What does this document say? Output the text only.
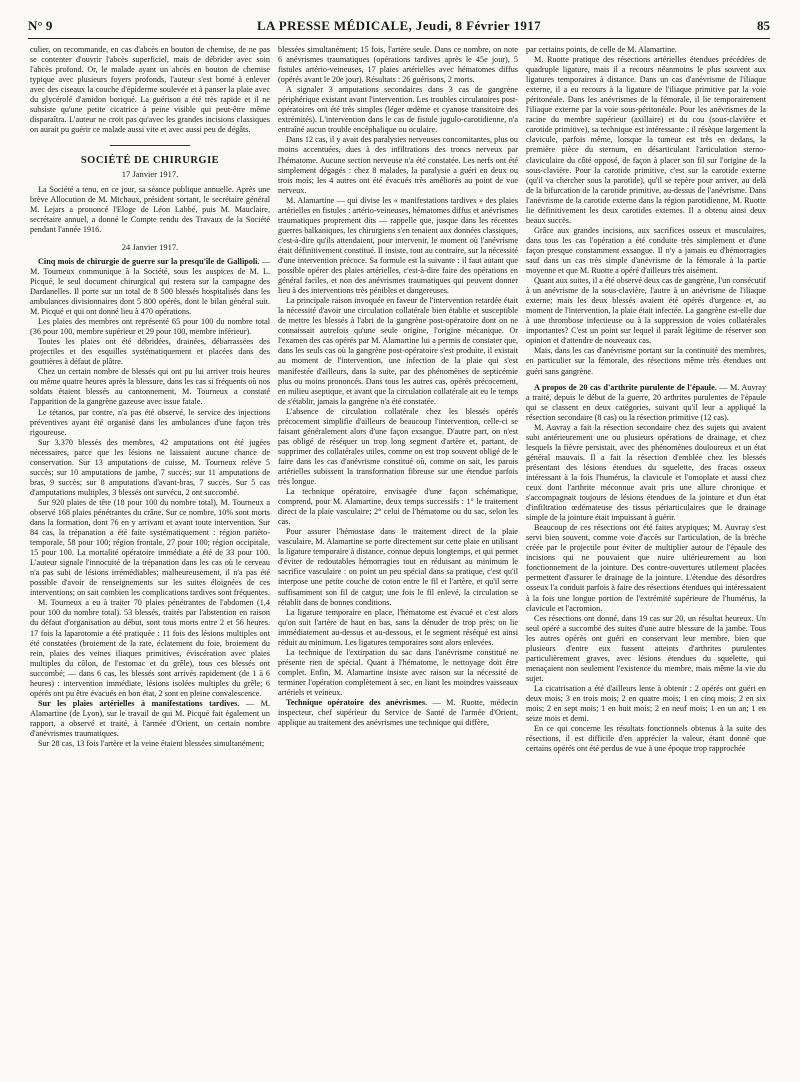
N° 9	LA PRESSE MÉDICALE, Jeudi, 8 Février 1917	85

culier, on recommande, en cas d'abcès en bouton de chemise, de ne pas se contenter d'ouvrir l'abcès superficiel, mais de débrider avec soin l'abcès profond. Or, le malade ayant un abcès en bouton de chemise typique avec plusieurs foyers profonds, l'auteur s'est borné à enlever avec des ciseaux la couche d'épiderme soulevée et à panser la plaie avec du glycérolé d'amidon boriqué. La guérison a été très rapide et il ne subsiste qu'une petite cicatrice à peine visible qui peut-être même disparaîtra. L'auteur ne croit pas qu'avec les grandes incisions classiques on aurait pu guérir ce malade aussi vite et avec aussi peu de dégâts.

SOCIÉTÉ DE CHIRURGIE
17 Janvier 1917.

La Société a tenu, en ce jour, sa séance publique annuelle. Après une brève Allocution de M. Michaux, président sortant, le secrétaire général M. Lejars a prononcé l'Eloge de Léon Labbé, puis M. Mauclaire, secrétaire annuel, a donné le Compte rendu des Travaux de la Société pendant l'année 1916.

24 Janvier 1917.

Cinq mois de chirurgie de guerre sur la presqu'île de Gallipoli. — M. Tourneux communique à la Société, sous les auspices de M. L. Picqué, le seul document chirurgical qui restera sur la campagne des Dardanelles. Il porte sur un total de 8 500 blessés hospitalisés dans les ambulances divisionnaires dont 5 800 opérés, dont le bilan général suit. M. Picqué et qui ont donné lieu à 470 opérations.

Les plaies des membres ont représenté 65 pour 100 du nombre total (36 pour 100, membre supérieur et 29 pour 100, membre inférieur).

Toutes les plaies ont été débridées, drainées, débarrassées des projectiles et des esquilles systématiquement et placées dans des gouttières à défaut de plâtre.

Chez un certain nombre de blessés qui ont pu lui arriver trois heures ou même quatre heures après la blessure, dans les cas si fréquents où nos soldats étaient blessés au cantonnement, M. Tourneux a constaté l'apparition de la gangrène gazeuse avec issue fatale.

Le tétanos, par contre, n'a pas été observé, le service des injections préventives ayant été organisé dans les ambulances d'une façon très rigoureuse.

Sur 3.370 blessés des membres, 42 amputations ont été jugées nécessaires, parce que les lésions ne laissaient aucune chance de conservation. Sur 13 amputations de cuisse, M. Tourneux relève 5 succès; sur 10 amputations de jambe, 7 succès; sur 11 amputations de bras, 9 succès; sur 8 amputations d'avant-bras, 7 succès. Sur 5 cas d'amputations multiples, 3 blessés ont survécu, 2 ont succombé.

Sur 920 plaies de tête (18 pour 100 du nombre total), M. Tourneux a observé 168 plaies pénétrantes du crâne. Sur ce nombre, 10% sont morts dans la formation, dont 76 en y arrivant et avant toute intervention. Sur 84 cas, la trépanation a été faite systématiquement : région pariéto-temporale, 58 pour 100; région frontale, 27 pour 100; région occipitale, 15 pour 100. La mortalité opératoire immédiate a été de 33 pour 100. L'auteur signale l'innocuité de la trépanation dans les cas où le cerveau n'a pas subi de lésions irrémédiables; malheureusement, il n'a pas été possible d'avoir de renseignements sur les suites éloignées de ces interventions; on sait combien les complications tardives sont fréquentes.

M. Tourneux a eu à traiter 70 plaies pénétrantes de l'abdomen (1,4 pour 100 du nombre total). 53 blessés, traités par l'abstention en raison du défaut d'organisation au début, sont tous morts entre 2 et 56 heures. 17 fois la laparotomie a été pratiquée : 11 fois des lésions multiples ont été constatées (broiement de la rate, éclatement du foie, broiement du rein, plaies des veines iliaques primitives, éviscération avec plaies multiples du côlon, de l'estomac et du grêle), tous ces blessés ont succombé; — dans 6 cas, les blessés sont arrivés rapidement (de 1 à 6 heures) : intervention immédiate, lésions isolées multiples du grêle; 6 opérés ont pu être évacués en bon état, 2 sont en pleine convalescence.

Sur les plaies artérielles à manifestations tardives. — M. Alamartine (de Lyon), sur le travail de qui M. Picqué fait également un rapport, a observé et traité, à l'armée d'Orient, un certain nombre d'anévrismes traumatiques.

Sur 28 cas, 13 fois l'artère et la veine étaient blessées simultanément;

blessées simultanément; 15 fois, l'artère seule. Dans ce nombre, on note 6 anévrismes traumatiques (opérations tardives après le 45e jour), 5 fistules artério-veineuses, 17 plaies artérielles avec hématomes diffus (opérés avant le 20e jour). Résultats : 26 guérisons, 2 morts.

A signaler 3 amputations secondaires dans 3 cas de gangrène périphérique existant avant l'intervention. Les troubles circulatoires post-opératoires ont été très simples (léger œdème et cyanose transitoire des extrémités). L'intervention dans le cas de fistule jugulo-carotidienne, n'a entraîné aucun trouble encéphalique ou oculaire.

Dans 12 cas, il y avait des paralysies nerveuses concomitantes, plus ou moins accentuées, dues à des infiltrations des troncs nerveux par l'hématome. Aucune section nerveuse n'a été constatée. Les nerfs ont été simplement dégagés : chez 8 malades, la paralysie a guéri en deux ou trois mois; les 4 autres ont été évacués très améliorés au point de vue nerveux.

M. Alamartine — qui divise les « manifestations tardives » des plaies artérielles en fistules : artério-veineuses, hématomes diffus et anévrismes traumatiques proprement dits — rappelle que, jusque dans les récentes guerres balkaniques, les chirurgiens s'en tenaient aux données classiques, c'est-à-dire qu'ils attendaient, pour intervenir, le moment où l'anévrisme était définitivement constitué. Il insiste, tout au contraire, sur la nécessité d'une intervention précoce. Sa formule est la suivante : il faut autant que possible opérer des plaies artérielles, c'est-à-dire faire des opérations en général faciles, et non des anévrismes traumatiques qui peuvent donner lieu à des interventions très pénibles et dangereuses.

La principale raison invoquée en faveur de l'intervention retardée était la nécessité d'avoir une circulation collatérale bien établie et susceptible de mettre les blessés à l'abri de la gangrène post-opératoire dont on ne connaissait autrefois qu'une seule origine, l'origine mécanique. Or l'examen des cas opérés par M. Alamartine lui a permis de constater que, dans les seuls cas où la gangrène post-opératoire s'est produite, il existait au moment de l'intervention, une infection de la plaie qui s'est manifestée d'ailleurs, dans la suite, par des phénomènes de septicémie plus ou moins prononcés. Dans tous les autres cas, opérés précocement, en milieu aseptique, et avant que la circulation collatérale ait eu le temps de s'établir, jamais la gangrène n'a été constatée.

L'absence de circulation collatérale chez les blessés opérés précocement simplifie d'ailleurs de beaucoup l'intervention, celle-ci se faisant généralement alors d'une façon exsangue. D'autre part, on n'est pas obligé de réséquer un trop long segment d'artère et, partant, de supprimer des collatérales utiles, comme on est trop souvent obligé de le faire dans les cas d'anévrisme constitué où, comme on sait, les parois artérielles subissent la transformation fibreuse sur une étendue parfois très longue.

La technique opératoire, envisagée d'une façon schématique, comprend, pour M. Alamartine, deux temps successifs : 1° le traitement direct de la plaie vasculaire; 2° celui de l'hématome ou du sac, selon les cas.

Pour assurer l'hémostase dans le traitement direct de la plaie vasculaire, M. Alamartine se porte directement sur cette plaie en utilisant la ligature temporaire à distance, connue depuis longtemps, et qui permet d'éviter de redoutables hémorragies tout en réduisant au minimum le sacrifice vasculaire : on point un peu spécial dans sa pratique, c'est qu'il interpose une petite couche de coton entre le fil et l'artère, et qu'il serre suffisamment son fil de catgut; une fois le fil enlevé, la circulation se rétablit dans de bonnes conditions.

La ligature temporaire en place, l'hématome est évacué et c'est alors qu'on suit l'artère de haut en bas, sans la dénuder de trop près; on lie immédiatement au-dessus et au-dessous, et le segment réséqué est ainsi réduit au minimum. Les ligatures temporaires sont alors enlevées.

La technique de l'extirpation du sac dans l'anévrisme constitué ne présente rien de spécial. Quant à l'hématome, le nettoyage doit être complet. Enfin, M. Alamartine insiste avec raison sur la nécessité de terminer l'opération complètement à sec, en liant les moindres vaisseaux artériels et veineux.

Technique opératoire des anévrismes. — M. Ruotte, médecin inspecteur, chef supérieur du Service de Santé de l'armée d'Orient, applique au traitement des anévrismes une technique qui diffère,

par certains points, de celle de M. Alamartine.

M. Ruotte pratique des résections artérielles étendues précédées de quadruple ligature, mais il a recours néanmoins le plus souvent aux ligatures temporaires à distance. Dans un cas d'anévrisme de l'iliaque externe, il a eu recours à la ligature de l'iliaque primitive par la voie péritonéale. Dans les anévrismes de la fémorale, il lie temporairement l'iliaque externe par la voie sous-péritonéale. Pour les anévrismes de la racine du membre supérieur (axillaire) et du cou (sous-clavière et carotide primitive), sa technique est intéressante : il résèque largement la clavicule, parfois même, lorsque la tumeur est très en dedans, la première pièce du sternum, en désarticulant l'articulation sterno-claviculaire du côté opposé, de façon à placer son fil sur l'origine de la sous-clavière. Pour la carotide primitive, c'est sur la carotide externe (qu'il va chercher sous la parotide), qu'il se repère pour arriver, au delà de la bifurcation de la carotide primitive, au-dessus de l'anévrisme. Dans l'anévrisme de la carotide externe dans la région parotidienne, M. Ruotte lie définitivement les deux carotides externes. Il a obtenu ainsi deux beaux succès.

Grâce aux grandes incisions, aux sacrifices osseux et musculaires, dans tous les cas l'opération a été conduite très simplement et d'une façon presque constamment exsangue. Il n'y a jamais eu d'hémorragies sauf dans un cas très simple d'anévrisme de la fémorale à la partie moyenne et que M. Ruotte a opéré d'ailleurs très aisément.

Quant aux suites, il a été observé deux cas de gangrène, l'un consécutif à un anévrisme de la sous-clavière, l'autre à un anévrisme de l'iliaque externe; mais les deux blessés avaient été opérés d'urgence et, au moment de l'intervention, la plaie était infectée. La gangrène est-elle due à une thrombose infectieuse ou à la suppression de voies collatérales importantes? C'est un point sur lequel il paraît légitime de réserver son opinion et d'attendre de nouveaux cas.

Mais, dans les cas d'anévrisme portant sur la continuité des membres, en particulier sur la fémorale, des résections même très étendues ont guéri sans gangrène.

A propos de 20 cas d'arthrite purulente de l'épaule. — M. Auvray a traité, depuis le début de la guerre, 20 arthrites purulentes de l'épaule qui se classent en deux catégories, suivant qu'il leur a appliqué la résection secondaire (8 cas) ou la résection primitive (12 cas).

M. Auvray a fait la résection secondaire chez des sujets qui avaient subi antérieurement une ou plusieurs opérations de drainage, et chez lesquels la fièvre persistait, avec des phénomènes douloureux et un état général mauvais. Il a fait la résection d'emblée chez les blessés présentant des lésions étendues du squelette, des fracas osseux intéressant à la fois l'humérus, la clavicule et l'omoplate et aussi chez ceux dont l'arthrite méconnue avait pris une allure chronique et s'accompagnait toujours de lésions étendues de la jointure et d'un état d'infiltration œdémateuse des tissus périarticulaires que le drainage simple de la jointure était impuissant à guérir.

Beaucoup de ces résections ont été faites atypiques; M. Auvray s'est servi bien souvent, comme voie d'accès sur l'articulation, de la brèche créée par le projectile pour éviter de multiplier autour de l'épaule des incisions qui ne pouvaient que nuire ultérieurement au bon fonctionnement de la jointure. Des contre-ouvertures utilement placées permettent d'assurer le drainage de la jointure. L'étendue des désordres osseux l'a conduit parfois à faire des résections étendues qui intéressaient à la fois une longue portion de l'extrémité supérieure de l'humérus, la clavicule et l'acromion.

Ces résections ont donné, dans 19 cas sur 20, un résultat heureux. Un seul opéré a succombé des suites d'une autre blessure de la jambe. Tous les autres opérés ont guéri en conservant leur membre, bien que plusieurs d'entre eux fussent atteints d'arthrites purulentes particulièrement graves, avec lésions étendues du squelette, qui menaçaient non seulement l'existence du membre, mais même la vie du sujet.

La cicatrisation a été d'ailleurs lente à obtenir : 2 opérés ont guéri en deux mois; 3 en trois mois; 2 en quatre mois; 1 en cinq mois; 2 en six mois; 2 en sept mois; 1 en huit mois; 2 en neuf mois; 1 en un an; 1 en seize mois et demi.

En ce qui concerne les résultats fonctionnels obtenus à la suite des résections, il est difficile d'en apprécier la valeur, étant donné que certains opérés ont été perdus de vue à une époque trop rapprochée
